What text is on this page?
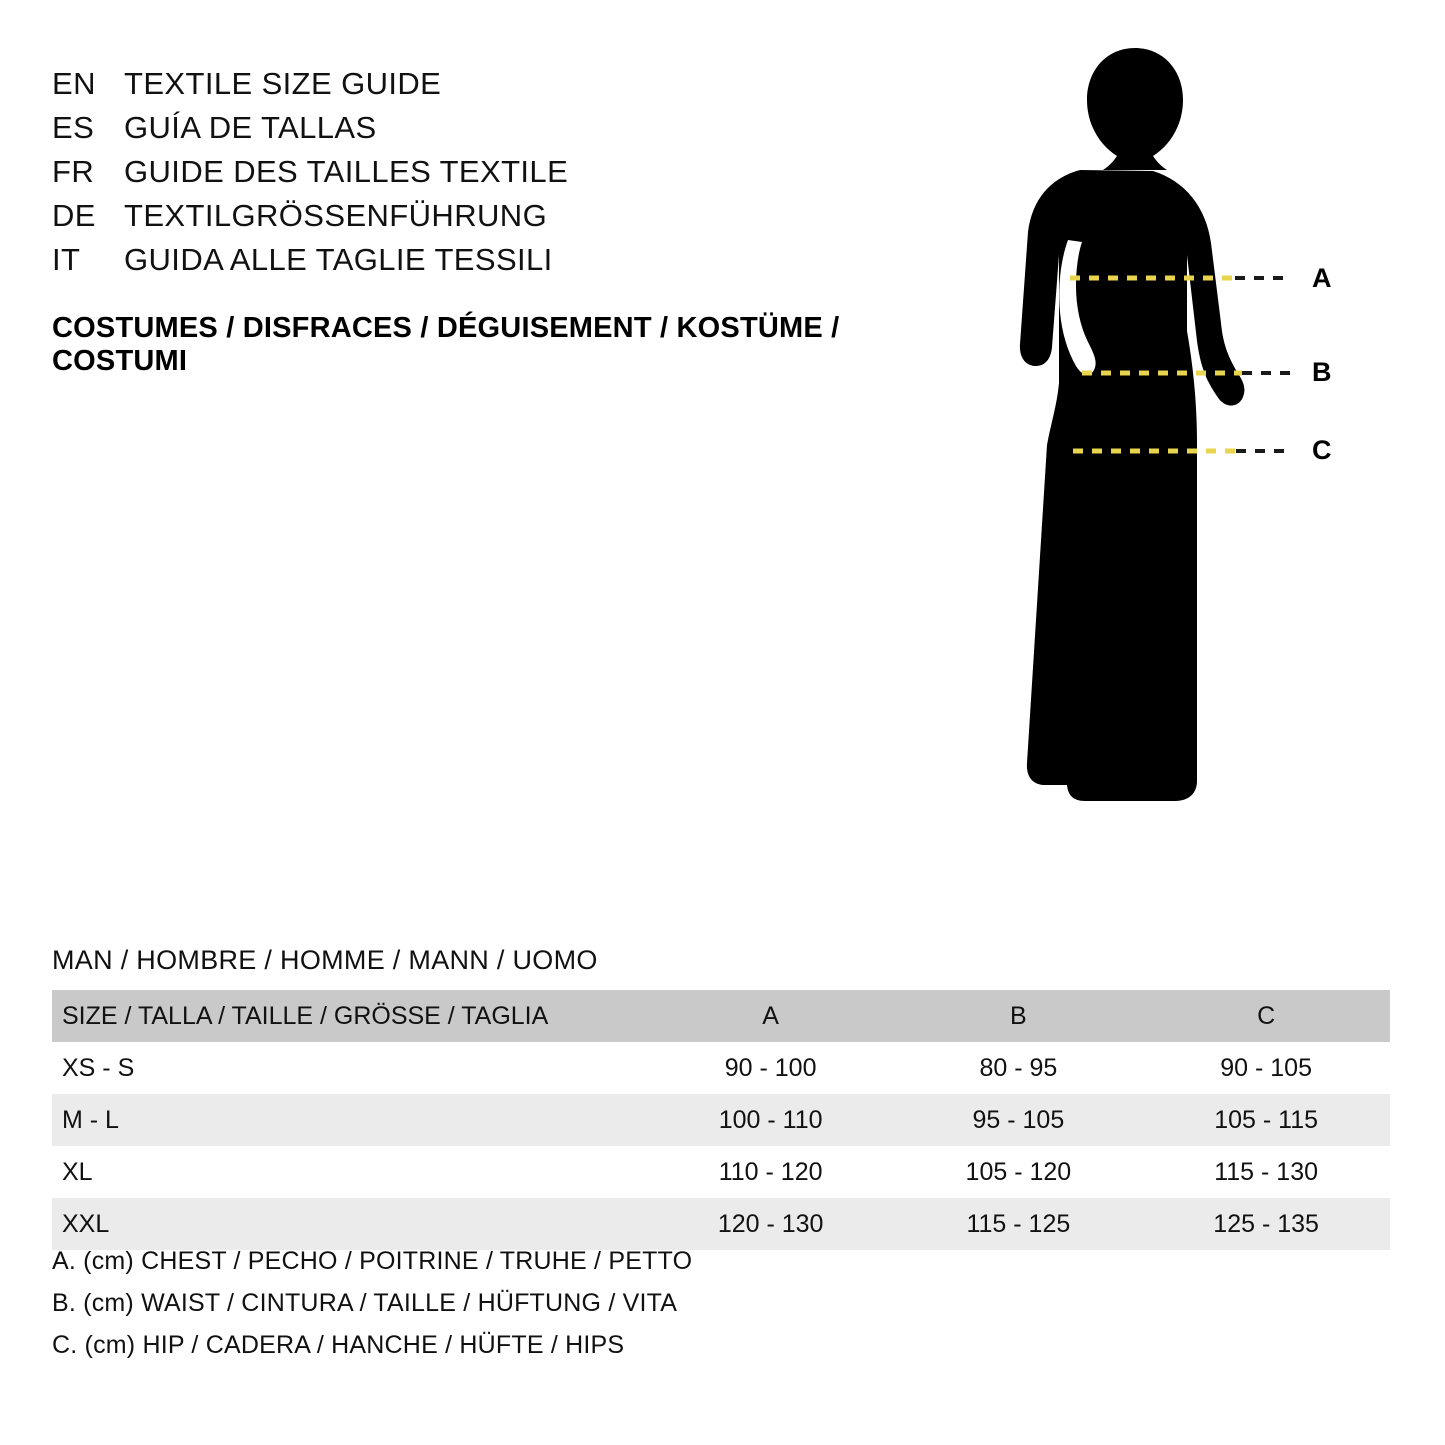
EN TEXTILE SIZE GUIDE
ES GUÍA DE TALLAS
FR GUIDE DES TAILLES TEXTILE
DE TEXTILGRÖSSENFÜHRUNG
IT	GUIDA ALLE TAGLIE TESSILI
COSTUMES / DISFRACES / DÉGUISEMENT / KOSTÜME / COSTUMI
A
B
C
MAN / HOMBRE / HOMME / MANN / UOMO
SIZE / TALLA / TAILLE / GRÖSSE / TAGLIA	A	B	C
XS - S	90 - 100	80 - 95	90 - 105
M - L	100 - 110	95 - 105	105 - 115
XL	110 - 120	105 - 120	115 - 130
XXL	120 - 130	115 - 125	125 - 135
A. (cm) CHEST / PECHO / POITRINE / TRUHE / PETTO
B. (cm) WAIST / CINTURA / TAILLE / HÜFTUNG / VITA
C. (cm) HIP / CADERA / HANCHE / HÜFTE / HIPS
